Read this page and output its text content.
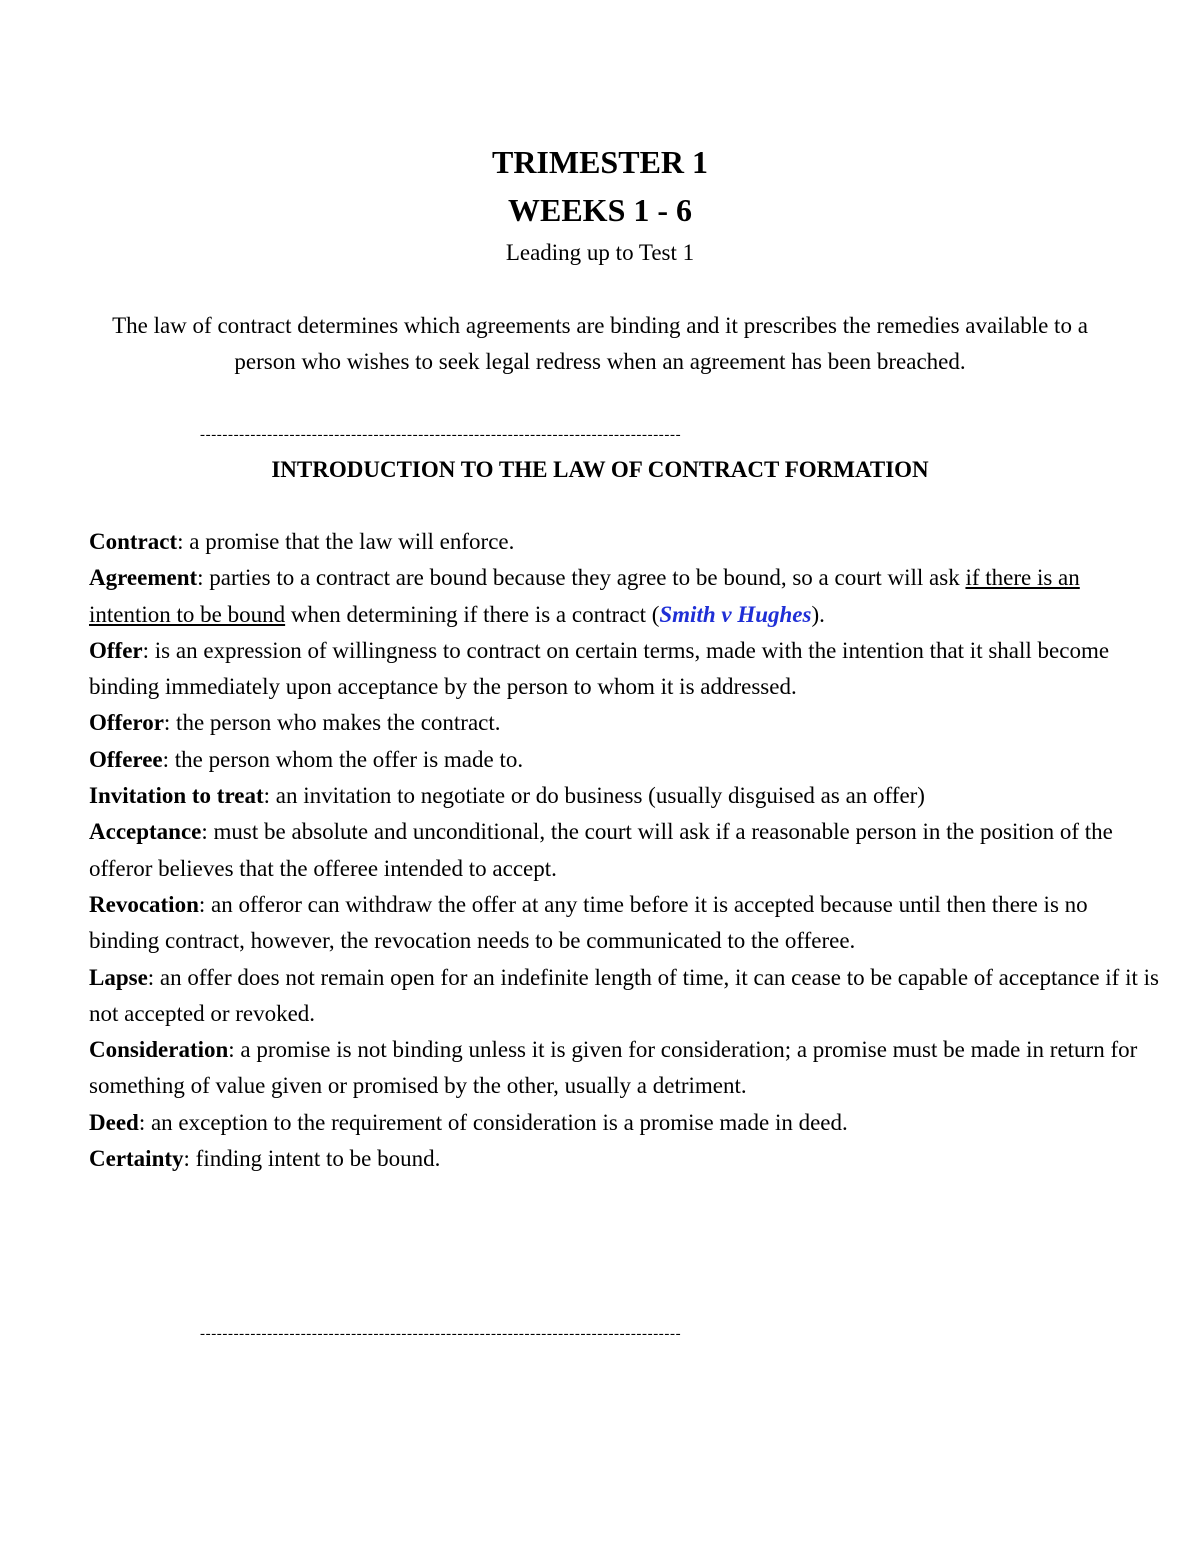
TRIMESTER 1
WEEKS 1 - 6
Leading up to Test 1
The law of contract determines which agreements are binding and it prescribes the remedies available to a person who wishes to seek legal redress when an agreement has been breached.
--------------------------------------------------------------------------------------
INTRODUCTION TO THE LAW OF CONTRACT FORMATION

Contract: a promise that the law will enforce.

Agreement: parties to a contract are bound because they agree to be bound, so a court will ask if there is an intention to be bound when determining if there is a contract (Smith v Hughes).

Offer: is an expression of willingness to contract on certain terms, made with the intention that it shall become binding immediately upon acceptance by the person to whom it is addressed.

Offeror: the person who makes the contract.

Offeree: the person whom the offer is made to.

Invitation to treat: an invitation to negotiate or do business (usually disguised as an offer)

Acceptance: must be absolute and unconditional, the court will ask if a reasonable person in the position of the offeror believes that the offeree intended to accept.

Revocation: an offeror can withdraw the offer at any time before it is accepted because until then there is no binding contract, however, the revocation needs to be communicated to the offeree.

Lapse: an offer does not remain open for an indefinite length of time, it can cease to be capable of acceptance if it is not accepted or revoked.

Consideration: a promise is not binding unless it is given for consideration; a promise must be made in return for something of value given or promised by the other, usually a detriment.

Deed: an exception to the requirement of consideration is a promise made in deed.

Certainty: finding intent to be bound.

--------------------------------------------------------------------------------------
